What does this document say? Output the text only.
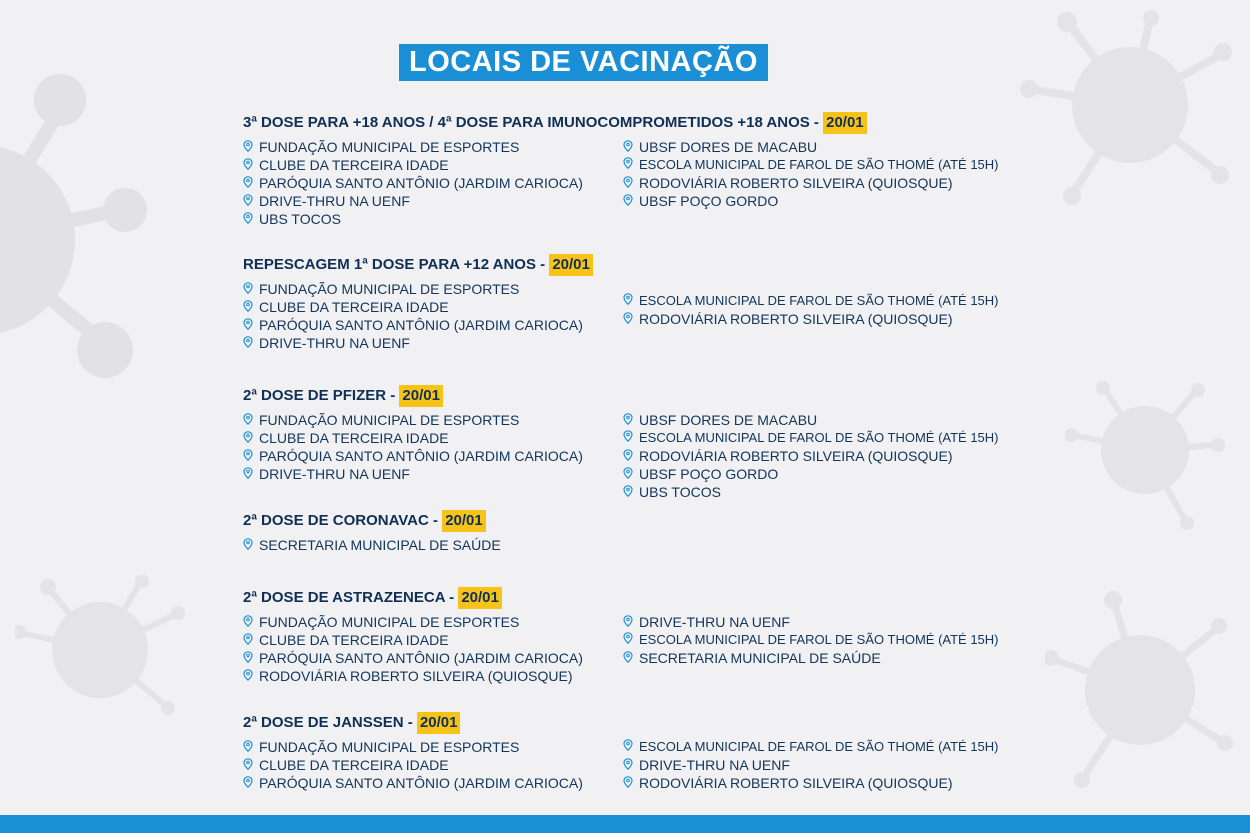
LOCAIS DE VACINAÇÃO
3ª DOSE PARA +18 ANOS / 4ª DOSE PARA IMUNOCOMPROMETIDOS +18 ANOS - 20/01
FUNDAÇÃO MUNICIPAL DE ESPORTES
CLUBE DA TERCEIRA IDADE
PARÓQUIA SANTO ANTÔNIO (JARDIM CARIOCA)
DRIVE-THRU NA UENF
UBS TOCOS
UBSF DORES DE MACABU
ESCOLA MUNICIPAL DE FAROL DE SÃO THOMÉ (ATÉ 15H)
RODOVIÁRIA ROBERTO SILVEIRA (QUIOSQUE)
UBSF POÇO GORDO
REPESCAGEM 1ª DOSE PARA +12 ANOS - 20/01
FUNDAÇÃO MUNICIPAL DE ESPORTES
CLUBE DA TERCEIRA IDADE
PARÓQUIA SANTO ANTÔNIO (JARDIM CARIOCA)
DRIVE-THRU NA UENF
ESCOLA MUNICIPAL DE FAROL DE SÃO THOMÉ (ATÉ 15H)
RODOVIÁRIA ROBERTO SILVEIRA (QUIOSQUE)
2ª DOSE DE PFIZER - 20/01
FUNDAÇÃO MUNICIPAL DE ESPORTES
CLUBE DA TERCEIRA IDADE
PARÓQUIA SANTO ANTÔNIO (JARDIM CARIOCA)
DRIVE-THRU NA UENF
UBSF DORES DE MACABU
ESCOLA MUNICIPAL DE FAROL DE SÃO THOMÉ (ATÉ 15H)
RODOVIÁRIA ROBERTO SILVEIRA (QUIOSQUE)
UBSF POÇO GORDO
UBS TOCOS
2ª DOSE DE CORONAVAC - 20/01
SECRETARIA MUNICIPAL DE SAÚDE
2ª DOSE DE ASTRAZENECA - 20/01
FUNDAÇÃO MUNICIPAL DE ESPORTES
CLUBE DA TERCEIRA IDADE
PARÓQUIA SANTO ANTÔNIO (JARDIM CARIOCA)
RODOVIÁRIA ROBERTO SILVEIRA (QUIOSQUE)
DRIVE-THRU NA UENF
ESCOLA MUNICIPAL DE FAROL DE SÃO THOMÉ (ATÉ 15H)
SECRETARIA MUNICIPAL DE SAÚDE
2ª DOSE DE JANSSEN - 20/01
FUNDAÇÃO MUNICIPAL DE ESPORTES
CLUBE DA TERCEIRA IDADE
PARÓQUIA SANTO ANTÔNIO (JARDIM CARIOCA)
ESCOLA MUNICIPAL DE FAROL DE SÃO THOMÉ (ATÉ 15H)
DRIVE-THRU NA UENF
RODOVIÁRIA ROBERTO SILVEIRA (QUIOSQUE)
